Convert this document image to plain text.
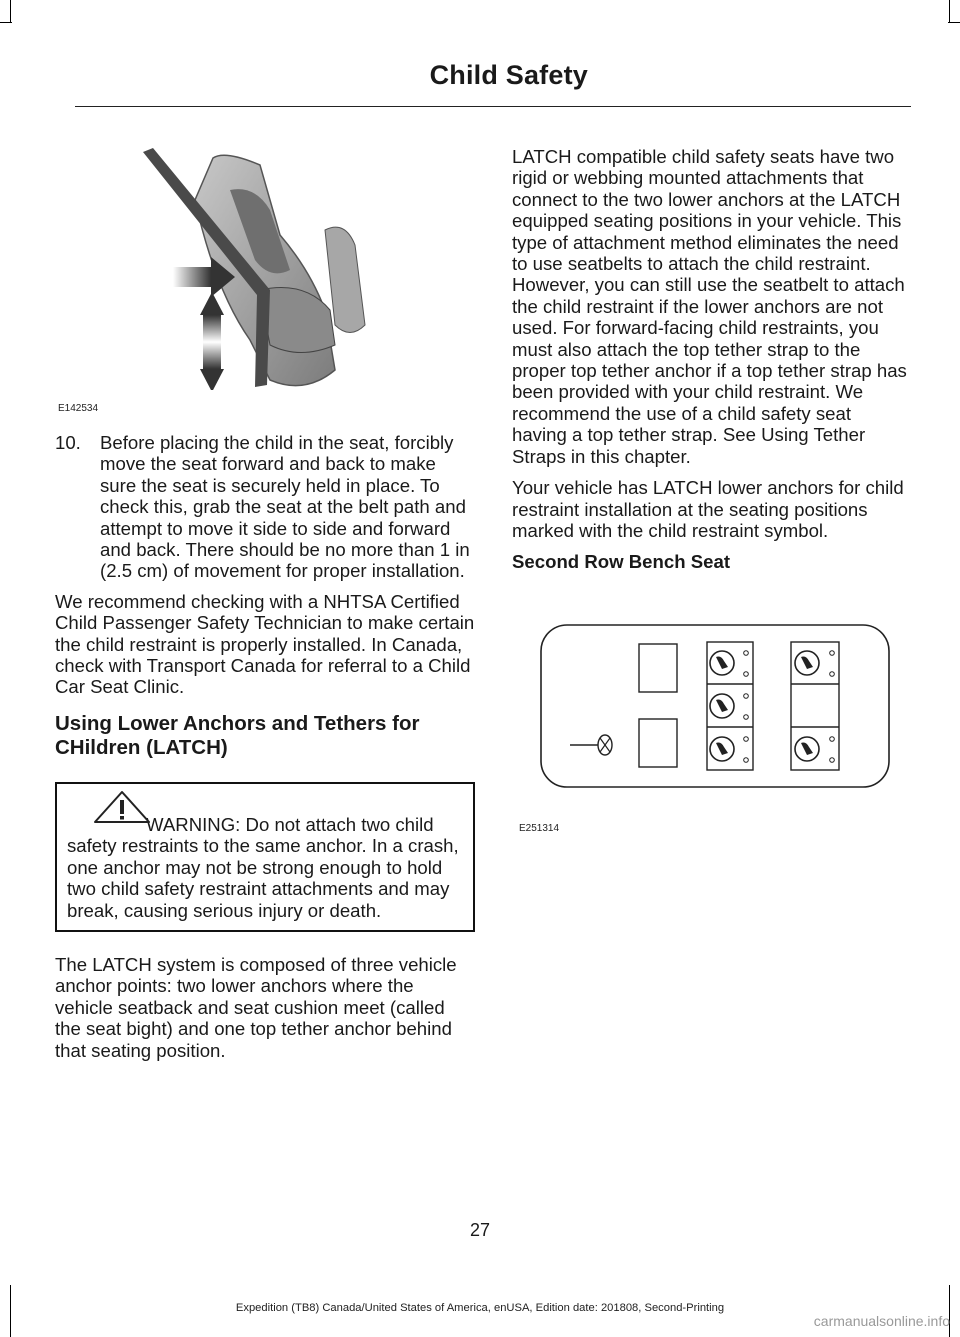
Child Safety
E142534
10.	Before placing the child in the seat, forcibly move the seat forward and back to make sure the seat is securely held in place. To check this, grab the seat at the belt path and attempt to move it side to side and forward and back. There should be no more than 1 in (2.5 cm) of movement for proper installation.

We recommend checking with a NHTSA Certified Child Passenger Safety Technician to make certain the child restraint is properly installed. In Canada, check with Transport Canada for referral to a Child Car Seat Clinic.

Using Lower Anchors and Tethers for CHildren (LATCH)
WARNING: Do not attach two child safety restraints to the same anchor. In a crash, one anchor may not be strong enough to hold two child safety restraint attachments and may break, causing serious injury or death.

The LATCH system is composed of three vehicle anchor points: two lower anchors where the vehicle seatback and seat cushion meet (called the seat bight) and one top tether anchor behind that seating position.

LATCH compatible child safety seats have two rigid or webbing mounted attachments that connect to the two lower anchors at the LATCH equipped seating positions in your vehicle. This type of attachment method eliminates the need to use seatbelts to attach the child restraint. However, you can still use the seatbelt to attach the child restraint if the lower anchors are not used. For forward-facing child restraints, you must also attach the top tether strap to the proper top tether anchor if a top tether strap has been provided with your child restraint. We recommend the use of a child safety seat having a top tether strap. See Using Tether Straps in this chapter.

Your vehicle has LATCH lower anchors for child restraint installation at the seating positions marked with the child restraint symbol.

Second Row Bench Seat
E251314
27
Expedition (TB8) Canada/United States of America, enUSA, Edition date: 201808, Second-Printing
carmanualsonline.info
